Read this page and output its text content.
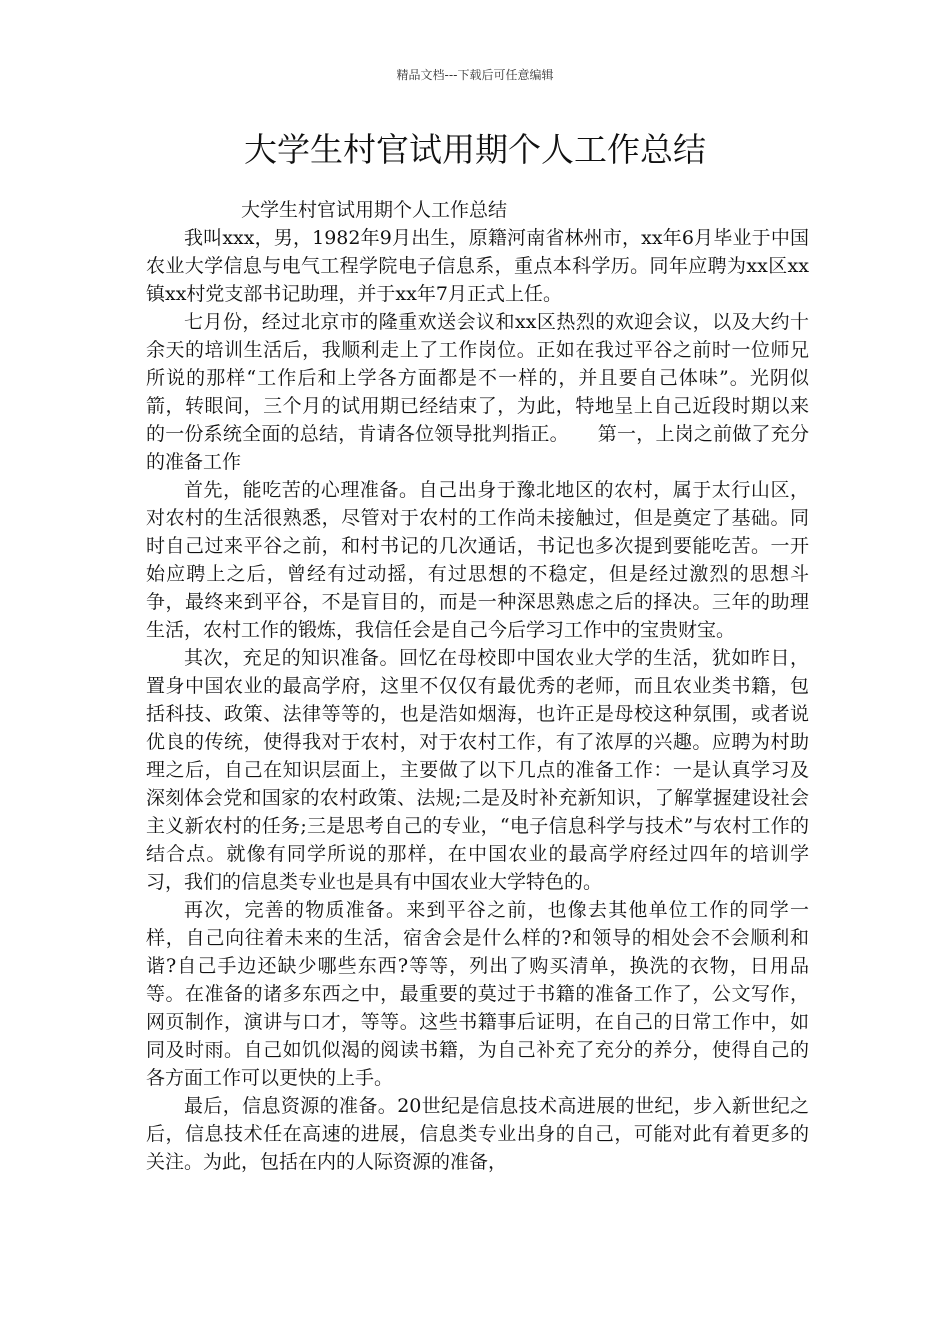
精品文档---下载后可任意编辑
大学生村官试用期个人工作总结

大学生村官试用期个人工作总结

我叫xxx，男，1982年9月出生，原籍河南省林州市，xx年6月毕业于中国农业大学信息与电气工程学院电子信息系，重点本科学历。同年应聘为xx区xx镇xx村党支部书记助理，并于xx年7月正式上任。

七月份，经过北京市的隆重欢送会议和xx区热烈的欢迎会议，以及大约十余天的培训生活后，我顺利走上了工作岗位。正如在我过平谷之前时一位师兄所说的那样“工作后和上学各方面都是不一样的，并且要自己体味”。光阴似箭，转眼间，三个月的试用期已经结束了，为此，特地呈上自己近段时期以来的一份系统全面的总结，肯请各位领导批判指正。　　第一，上岗之前做了充分的准备工作

首先，能吃苦的心理准备。自己出身于豫北地区的农村，属于太行山区，对农村的生活很熟悉，尽管对于农村的工作尚未接触过，但是奠定了基础。同时自己过来平谷之前，和村书记的几次通话，书记也多次提到要能吃苦。一开始应聘上之后，曾经有过动摇，有过思想的不稳定，但是经过激烈的思想斗争，最终来到平谷，不是盲目的，而是一种深思熟虑之后的择决。三年的助理生活，农村工作的锻炼，我信任会是自己今后学习工作中的宝贵财宝。

其次，充足的知识准备。回忆在母校即中国农业大学的生活，犹如昨日，置身中国农业的最高学府，这里不仅仅有最优秀的老师，而且农业类书籍，包括科技、政策、法律等等的，也是浩如烟海，也许正是母校这种氛围，或者说优良的传统，使得我对于农村，对于农村工作，有了浓厚的兴趣。应聘为村助理之后，自己在知识层面上，主要做了以下几点的准备工作：一是认真学习及深刻体会党和国家的农村政策、法规;二是及时补充新知识，了解掌握建设社会主义新农村的任务;三是思考自己的专业，“电子信息科学与技术”与农村工作的结合点。就像有同学所说的那样，在中国农业的最高学府经过四年的培训学习，我们的信息类专业也是具有中国农业大学特色的。

再次，完善的物质准备。来到平谷之前，也像去其他单位工作的同学一样，自己向往着未来的生活，宿舍会是什么样的?和领导的相处会不会顺利和谐?自己手边还缺少哪些东西?等等，列出了购买清单，换洗的衣物，日用品等。在准备的诸多东西之中，最重要的莫过于书籍的准备工作了，公文写作，网页制作，演讲与口才，等等。这些书籍事后证明，在自己的日常工作中，如同及时雨。自己如饥似渴的阅读书籍，为自己补充了充分的养分，使得自己的各方面工作可以更快的上手。

最后，信息资源的准备。20世纪是信息技术高进展的世纪，步入新世纪之后，信息技术任在高速的进展，信息类专业出身的自己，可能对此有着更多的关注。为此，包括在内的人际资源的准备，
